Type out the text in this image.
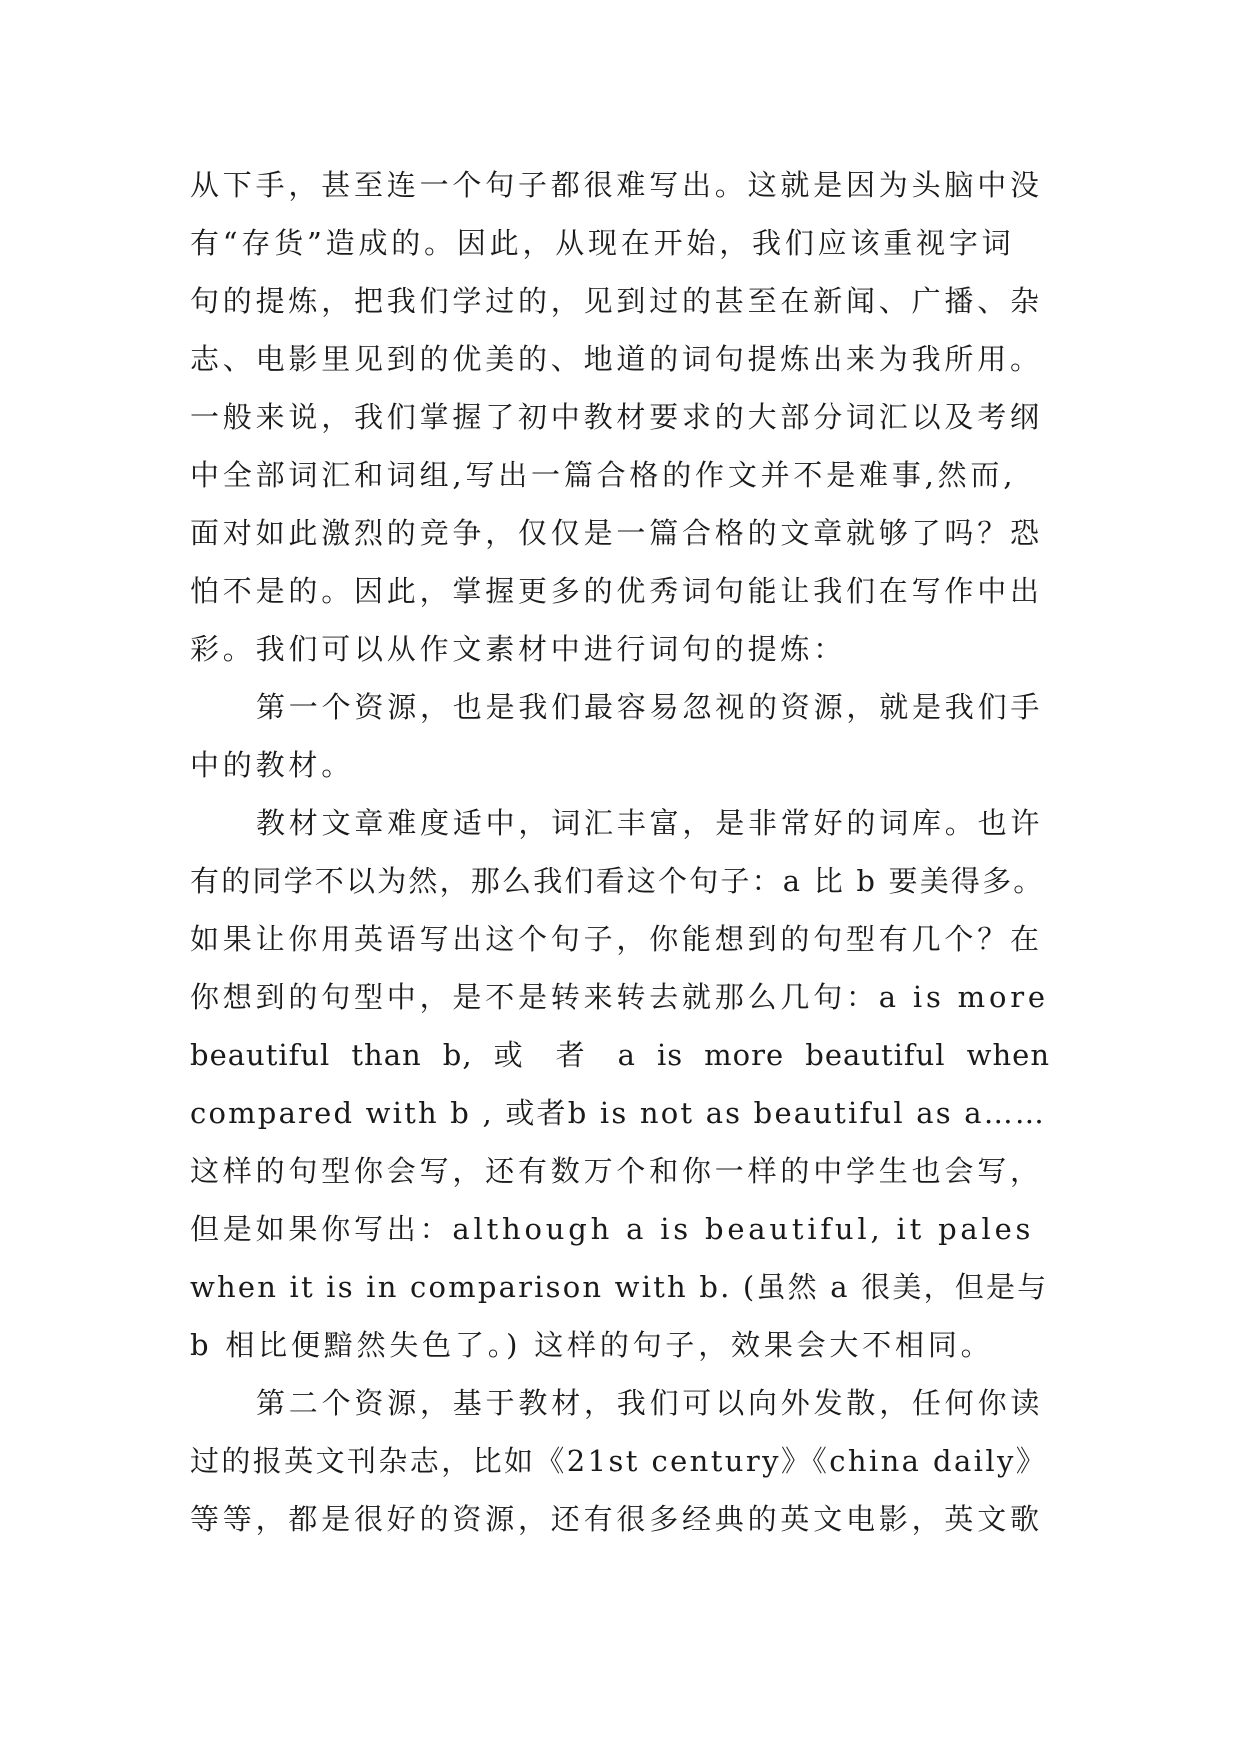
从下手，甚至连一个句子都很难写出。这就是因为头脑中没
有“存货”造成的。因此，从现在开始，我们应该重视字词
句的提炼，把我们学过的，见到过的甚至在新闻、广播、杂
志、电影里见到的优美的、地道的词句提炼出来为我所用。
一般来说，我们掌握了初中教材要求的大部分词汇以及考纲
中全部词汇和词组,写出一篇合格的作文并不是难事,然而,
面对如此激烈的竞争，仅仅是一篇合格的文章就够了吗？恐
怕不是的。因此，掌握更多的优秀词句能让我们在写作中出
彩。我们可以从作文素材中进行词句的提炼：
第一个资源，也是我们最容易忽视的资源，就是我们手
中的教材。
教材文章难度适中，词汇丰富，是非常好的词库。也许
有的同学不以为然，那么我们看这个句子：a 比 b 要美得多。
如果让你用英语写出这个句子，你能想到的句型有几个？在
你想到的句型中，是不是转来转去就那么几句：a is more
beautiful than b, 或 者 a is more beautiful when
compared with b , 或者b is not as beautiful as a……
这样的句型你会写，还有数万个和你一样的中学生也会写，
但是如果你写出：although a is beautiful, it pales
when it is in comparison with b. (虽然 a 很美，但是与
b 相比便黯然失色了。) 这样的句子，效果会大不相同。
第二个资源，基于教材，我们可以向外发散，任何你读
过的报英文刊杂志，比如《21st century》《china daily》
等等，都是很好的资源，还有很多经典的英文电影，英文歌
